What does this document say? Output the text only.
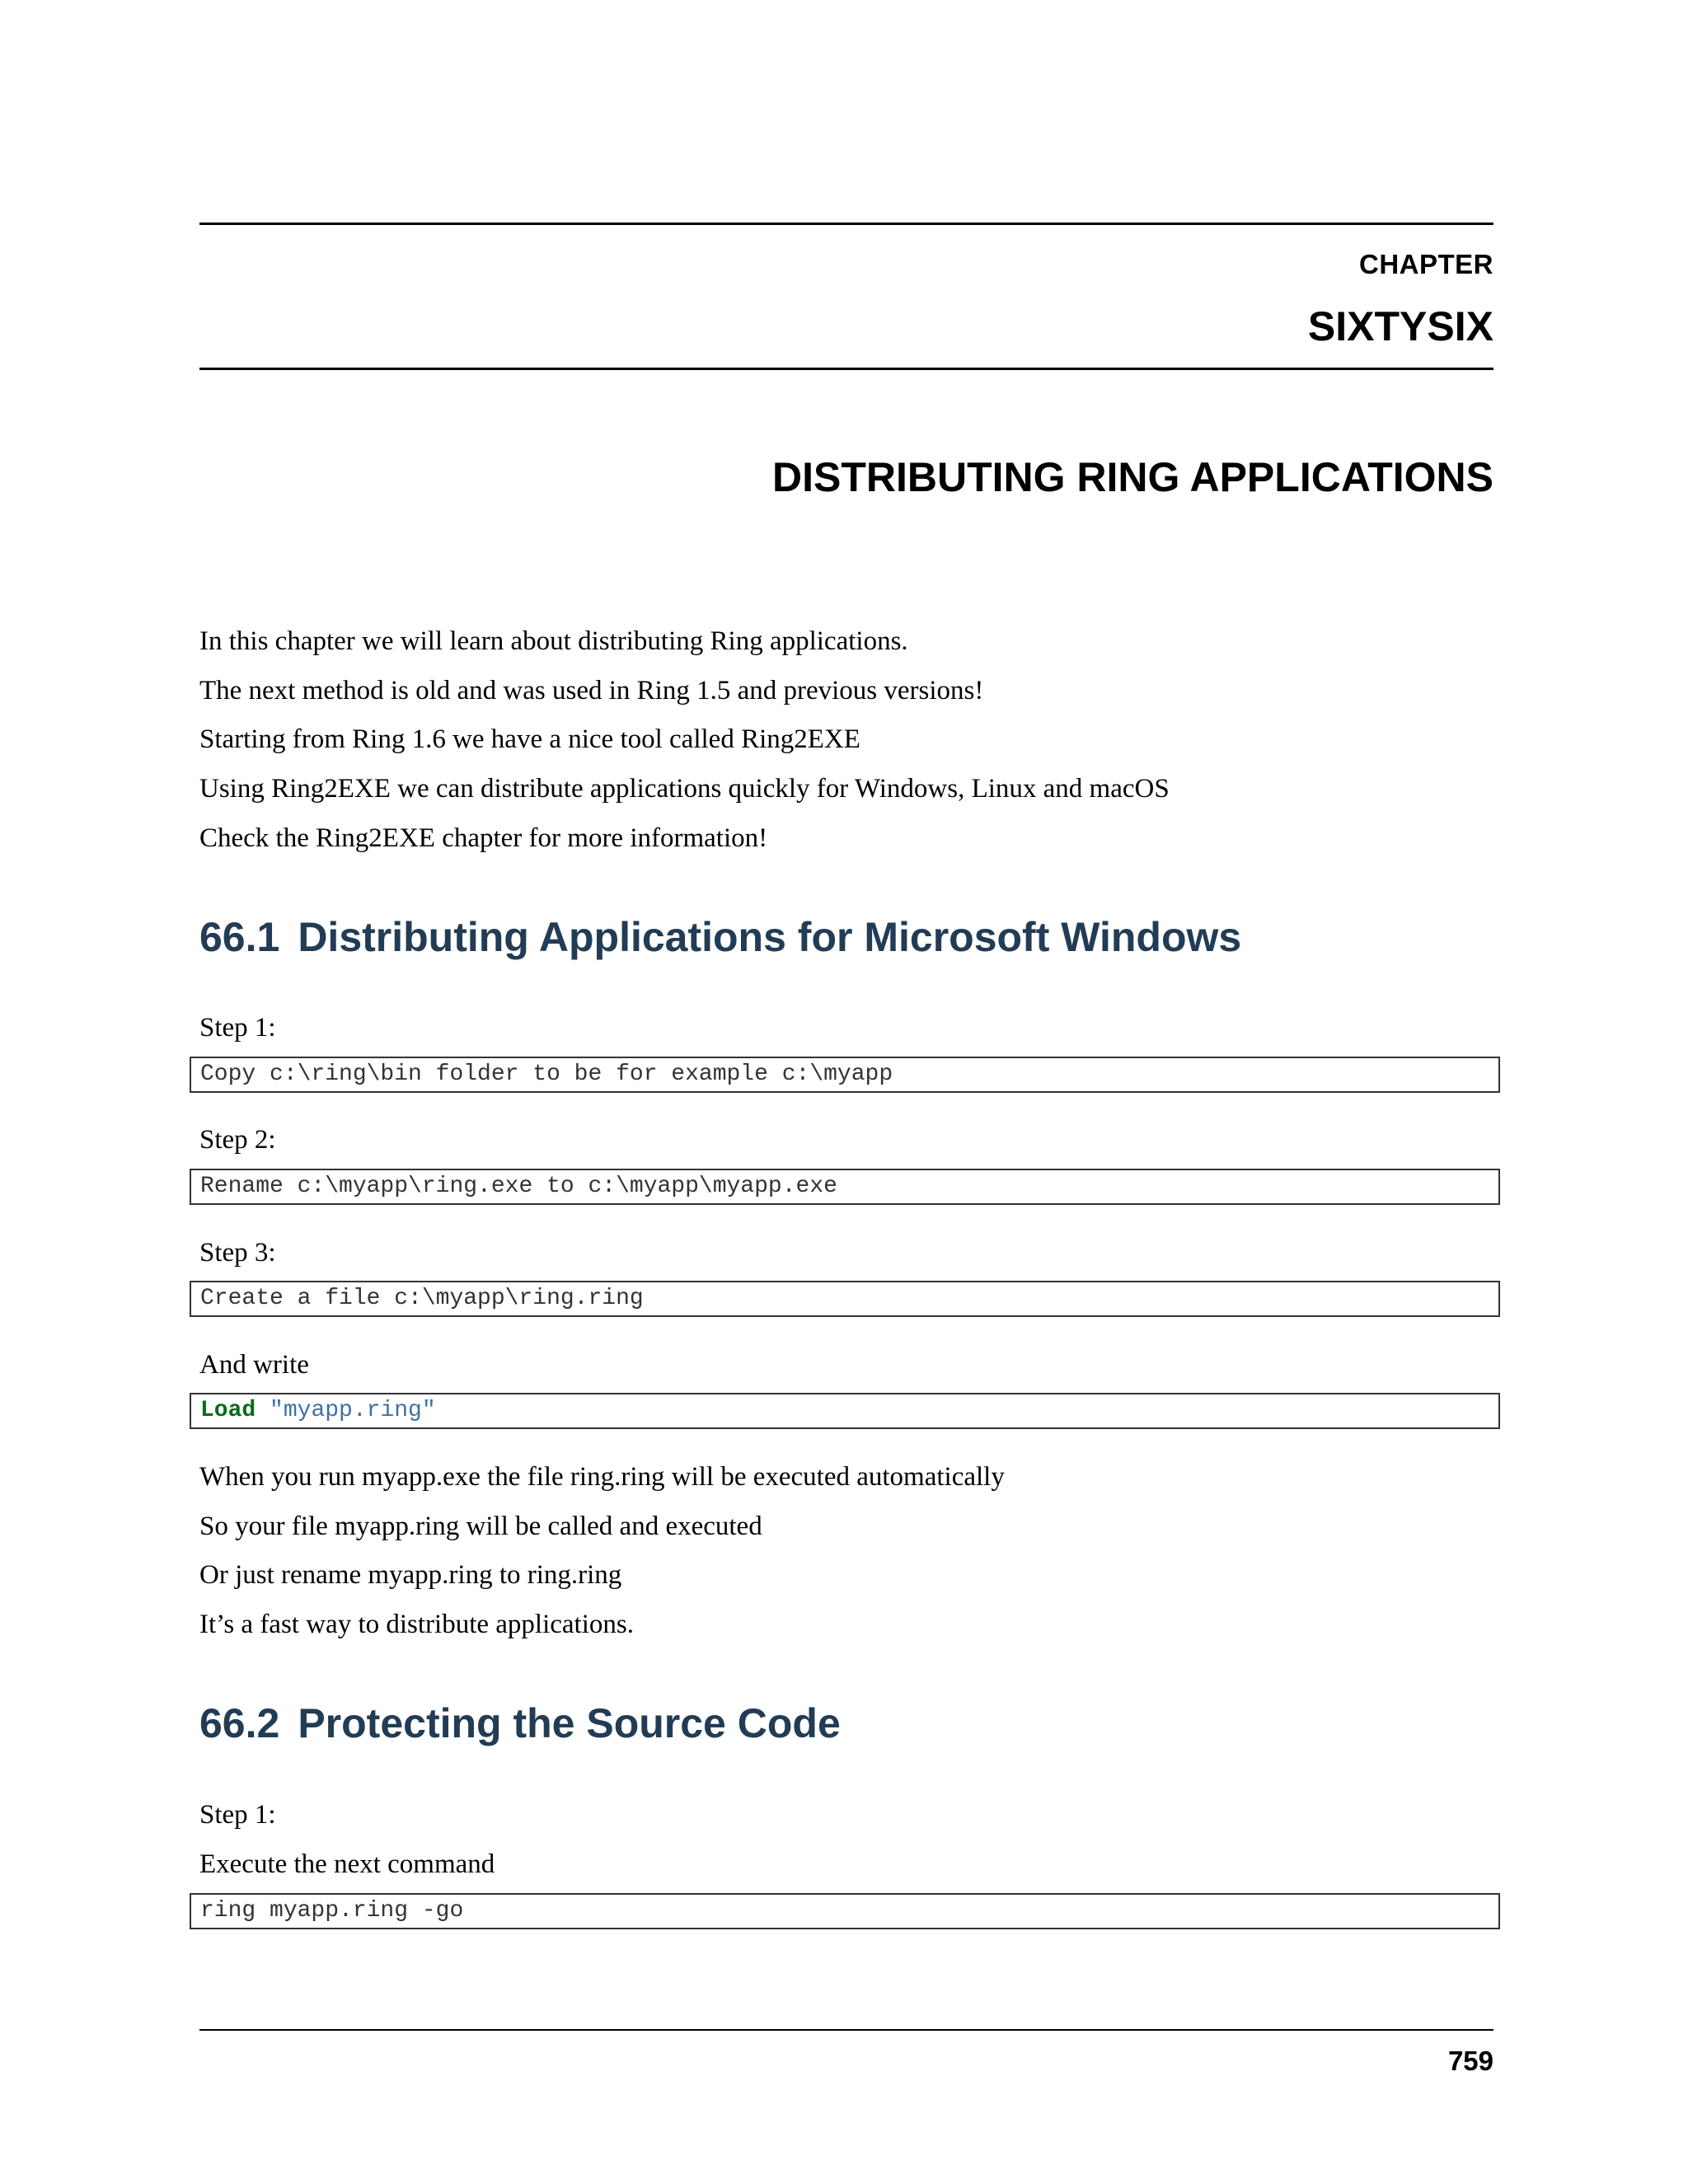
CHAPTER
SIXTYSIX
DISTRIBUTING RING APPLICATIONS
In this chapter we will learn about distributing Ring applications.
The next method is old and was used in Ring 1.5 and previous versions!
Starting from Ring 1.6 we have a nice tool called Ring2EXE
Using Ring2EXE we can distribute applications quickly for Windows, Linux and macOS
Check the Ring2EXE chapter for more information!
66.1 Distributing Applications for Microsoft Windows
Step 1:
Copy c:\ring\bin folder to be for example c:\myapp
Step 2:
Rename c:\myapp\ring.exe to c:\myapp\myapp.exe
Step 3:
Create a file c:\myapp\ring.ring
And write
Load "myapp.ring"
When you run myapp.exe the file ring.ring will be executed automatically
So your file myapp.ring will be called and executed
Or just rename myapp.ring to ring.ring
It’s a fast way to distribute applications.
66.2 Protecting the Source Code
Step 1:
Execute the next command
ring myapp.ring -go
759
